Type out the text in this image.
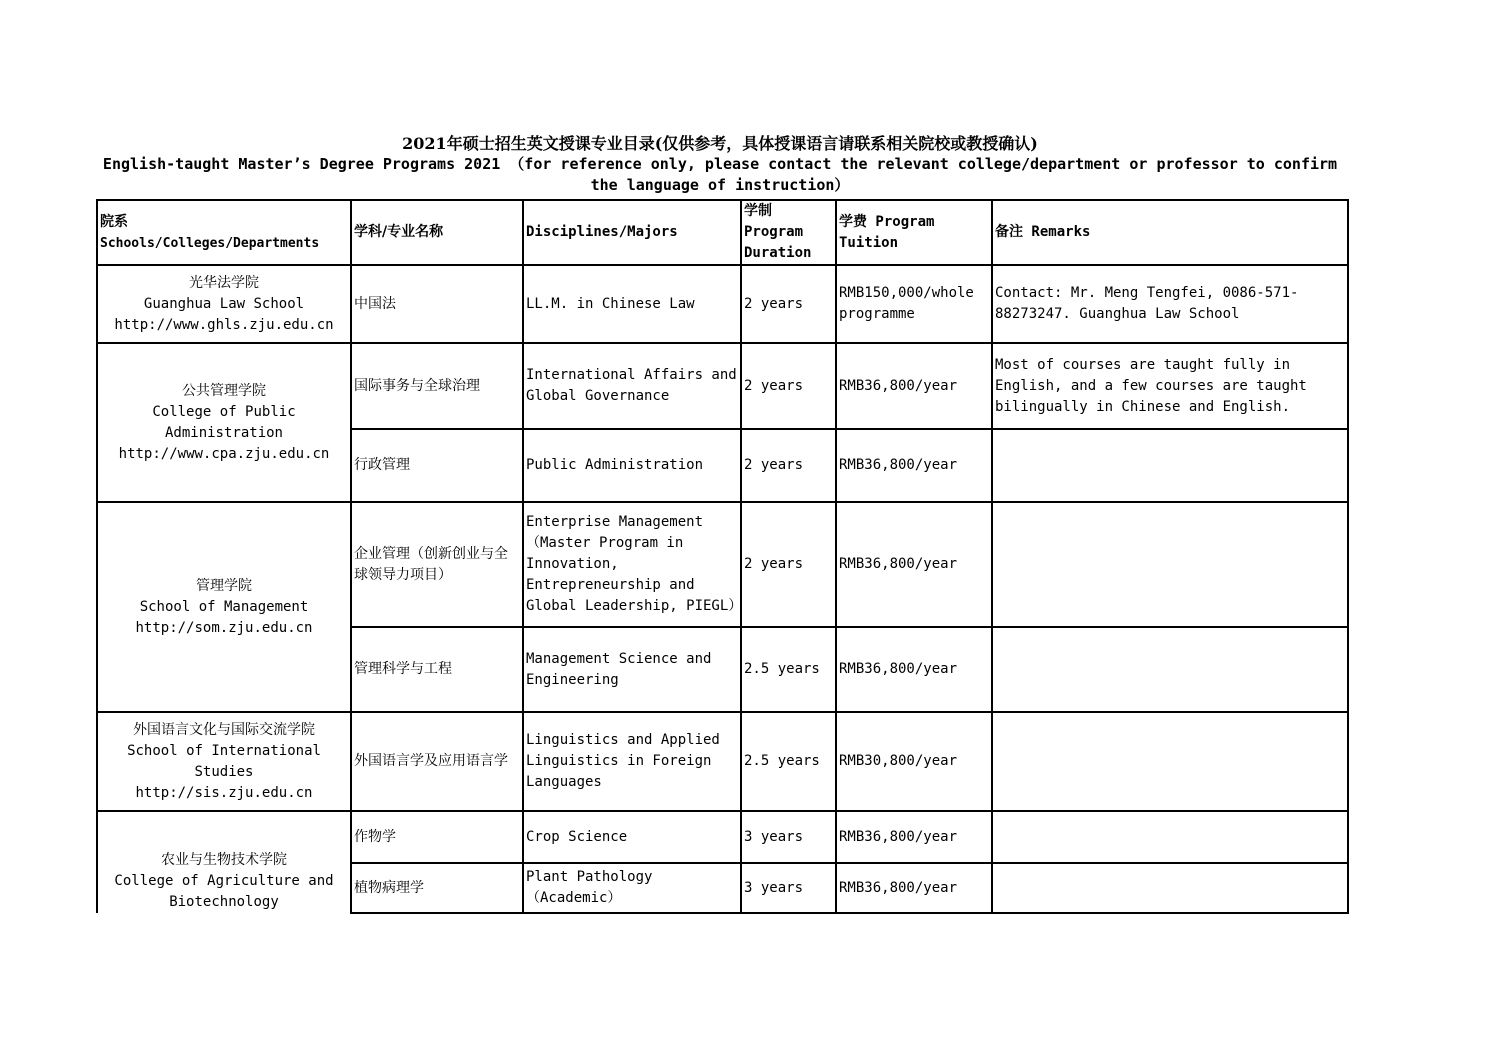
2021年硕士招生英文授课专业目录(仅供参考，具体授课语言请联系相关院校或教授确认)
English-taught Master’s Degree Programs 2021 （for reference only, please contact the relevant college/department or professor to confirm the language of instruction）
院系
Schools/Colleges/Departments	学科/专业名称	Disciplines/Majors	学制 Program Duration	学费 Program Tuition	备注 Remarks

光华法学院
Guanghua Law School
http://www.ghls.zju.edu.cn	中国法	LL.M. in Chinese Law	2 years	RMB150,000/whole programme	Contact: Mr. Meng Tengfei, 0086-571-88273247. Guanghua Law School

公共管理学院
College of Public Administration
http://www.cpa.zju.edu.cn	国际事务与全球治理	International Affairs and Global Governance	2 years	RMB36,800/year	Most of courses are taught fully in English, and a few courses are taught bilingually in Chinese and English.
	行政管理	Public Administration	2 years	RMB36,800/year	

管理学院
School of Management
http://som.zju.edu.cn	企业管理（创新创业与全球领导力项目）	Enterprise Management （Master Program in Innovation, Entrepreneurship and Global Leadership, PIEGL）	2 years	RMB36,800/year	
	管理科学与工程	Management Science and Engineering	2.5 years	RMB36,800/year	

外国语言文化与国际交流学院
School of International Studies
http://sis.zju.edu.cn	外国语言学及应用语言学	Linguistics and Applied Linguistics in Foreign Languages	2.5 years	RMB30,800/year	

农业与生物技术学院
College of Agriculture and Biotechnology	作物学	Crop Science	3 years	RMB36,800/year	
	植物病理学	Plant Pathology （Academic）	3 years	RMB36,800/year	
